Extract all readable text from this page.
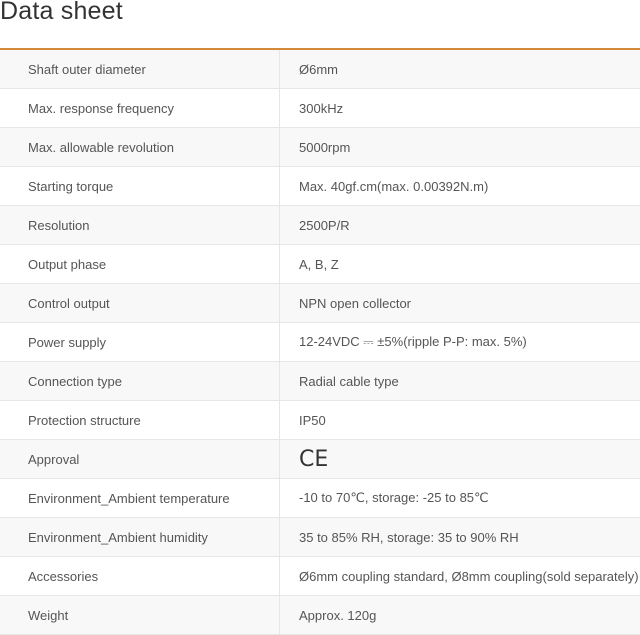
Data sheet
Shaft outer diameter	Ø6mm
Max. response frequency	300kHz
Max. allowable revolution	5000rpm
Starting torque	Max. 40gf.cm(max. 0.00392N.m)
Resolution	2500P/R
Output phase	A, B, Z
Control output	NPN open collector
Power supply	12-24VDC ⎓ ±5%(ripple P-P: max. 5%)
Connection type	Radial cable type
Protection structure	IP50
Approval	CE
Environment_Ambient temperature	-10 to 70℃, storage: -25 to 85℃
Environment_Ambient humidity	35 to 85% RH, storage: 35 to 90% RH
Accessories	Ø6mm coupling standard, Ø8mm coupling(sold separately)
Weight	Approx. 120g
